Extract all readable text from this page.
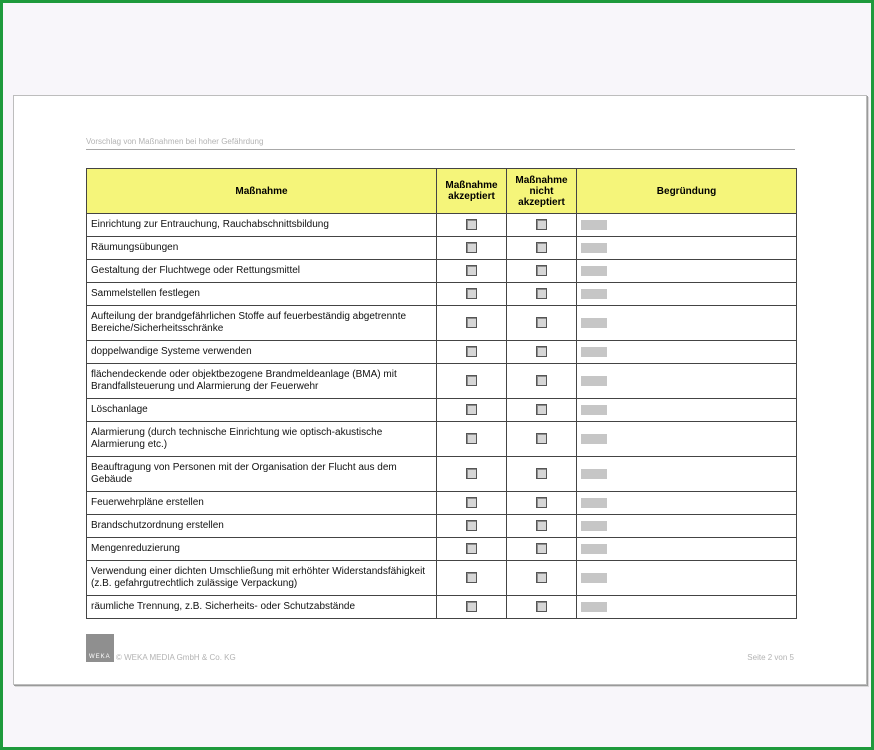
Vorschlag von Maßnahmen bei hoher Gefährdung
Maßnahme	Maßnahme akzeptiert	Maßnahme nicht akzeptiert	Begründung
Einrichtung zur Entrauchung, Rauchabschnittsbildung			

Räumungsübungen			

Gestaltung der Fluchtwege oder Rettungsmittel			

Sammelstellen festlegen			

Aufteilung der brandgefährlichen Stoffe auf feuerbeständig abgetrennte Bereiche/Sicherheitsschränke			

doppelwandige Systeme verwenden			

flächendeckende oder objektbezogene Brandmeldeanlage (BMA) mit Brandfallsteuerung und Alarmierung der Feuerwehr			

Löschanlage			

Alarmierung (durch technische Einrichtung wie optisch-akustische Alarmierung etc.)			

Beauftragung von Personen mit der Organisation der Flucht aus dem Gebäude			

Feuerwehrpläne erstellen			

Brandschutzordnung erstellen			

Mengenreduzierung			

Verwendung einer dichten Umschließung mit erhöhter Widerstandsfähigkeit (z.B. gefahrgutrechtlich zulässige Verpackung)			

räumliche Trennung, z.B. Sicherheits- oder Schutzabstände			
WEKA © WEKA MEDIA GmbH & Co. KG	Seite 2 von 5
